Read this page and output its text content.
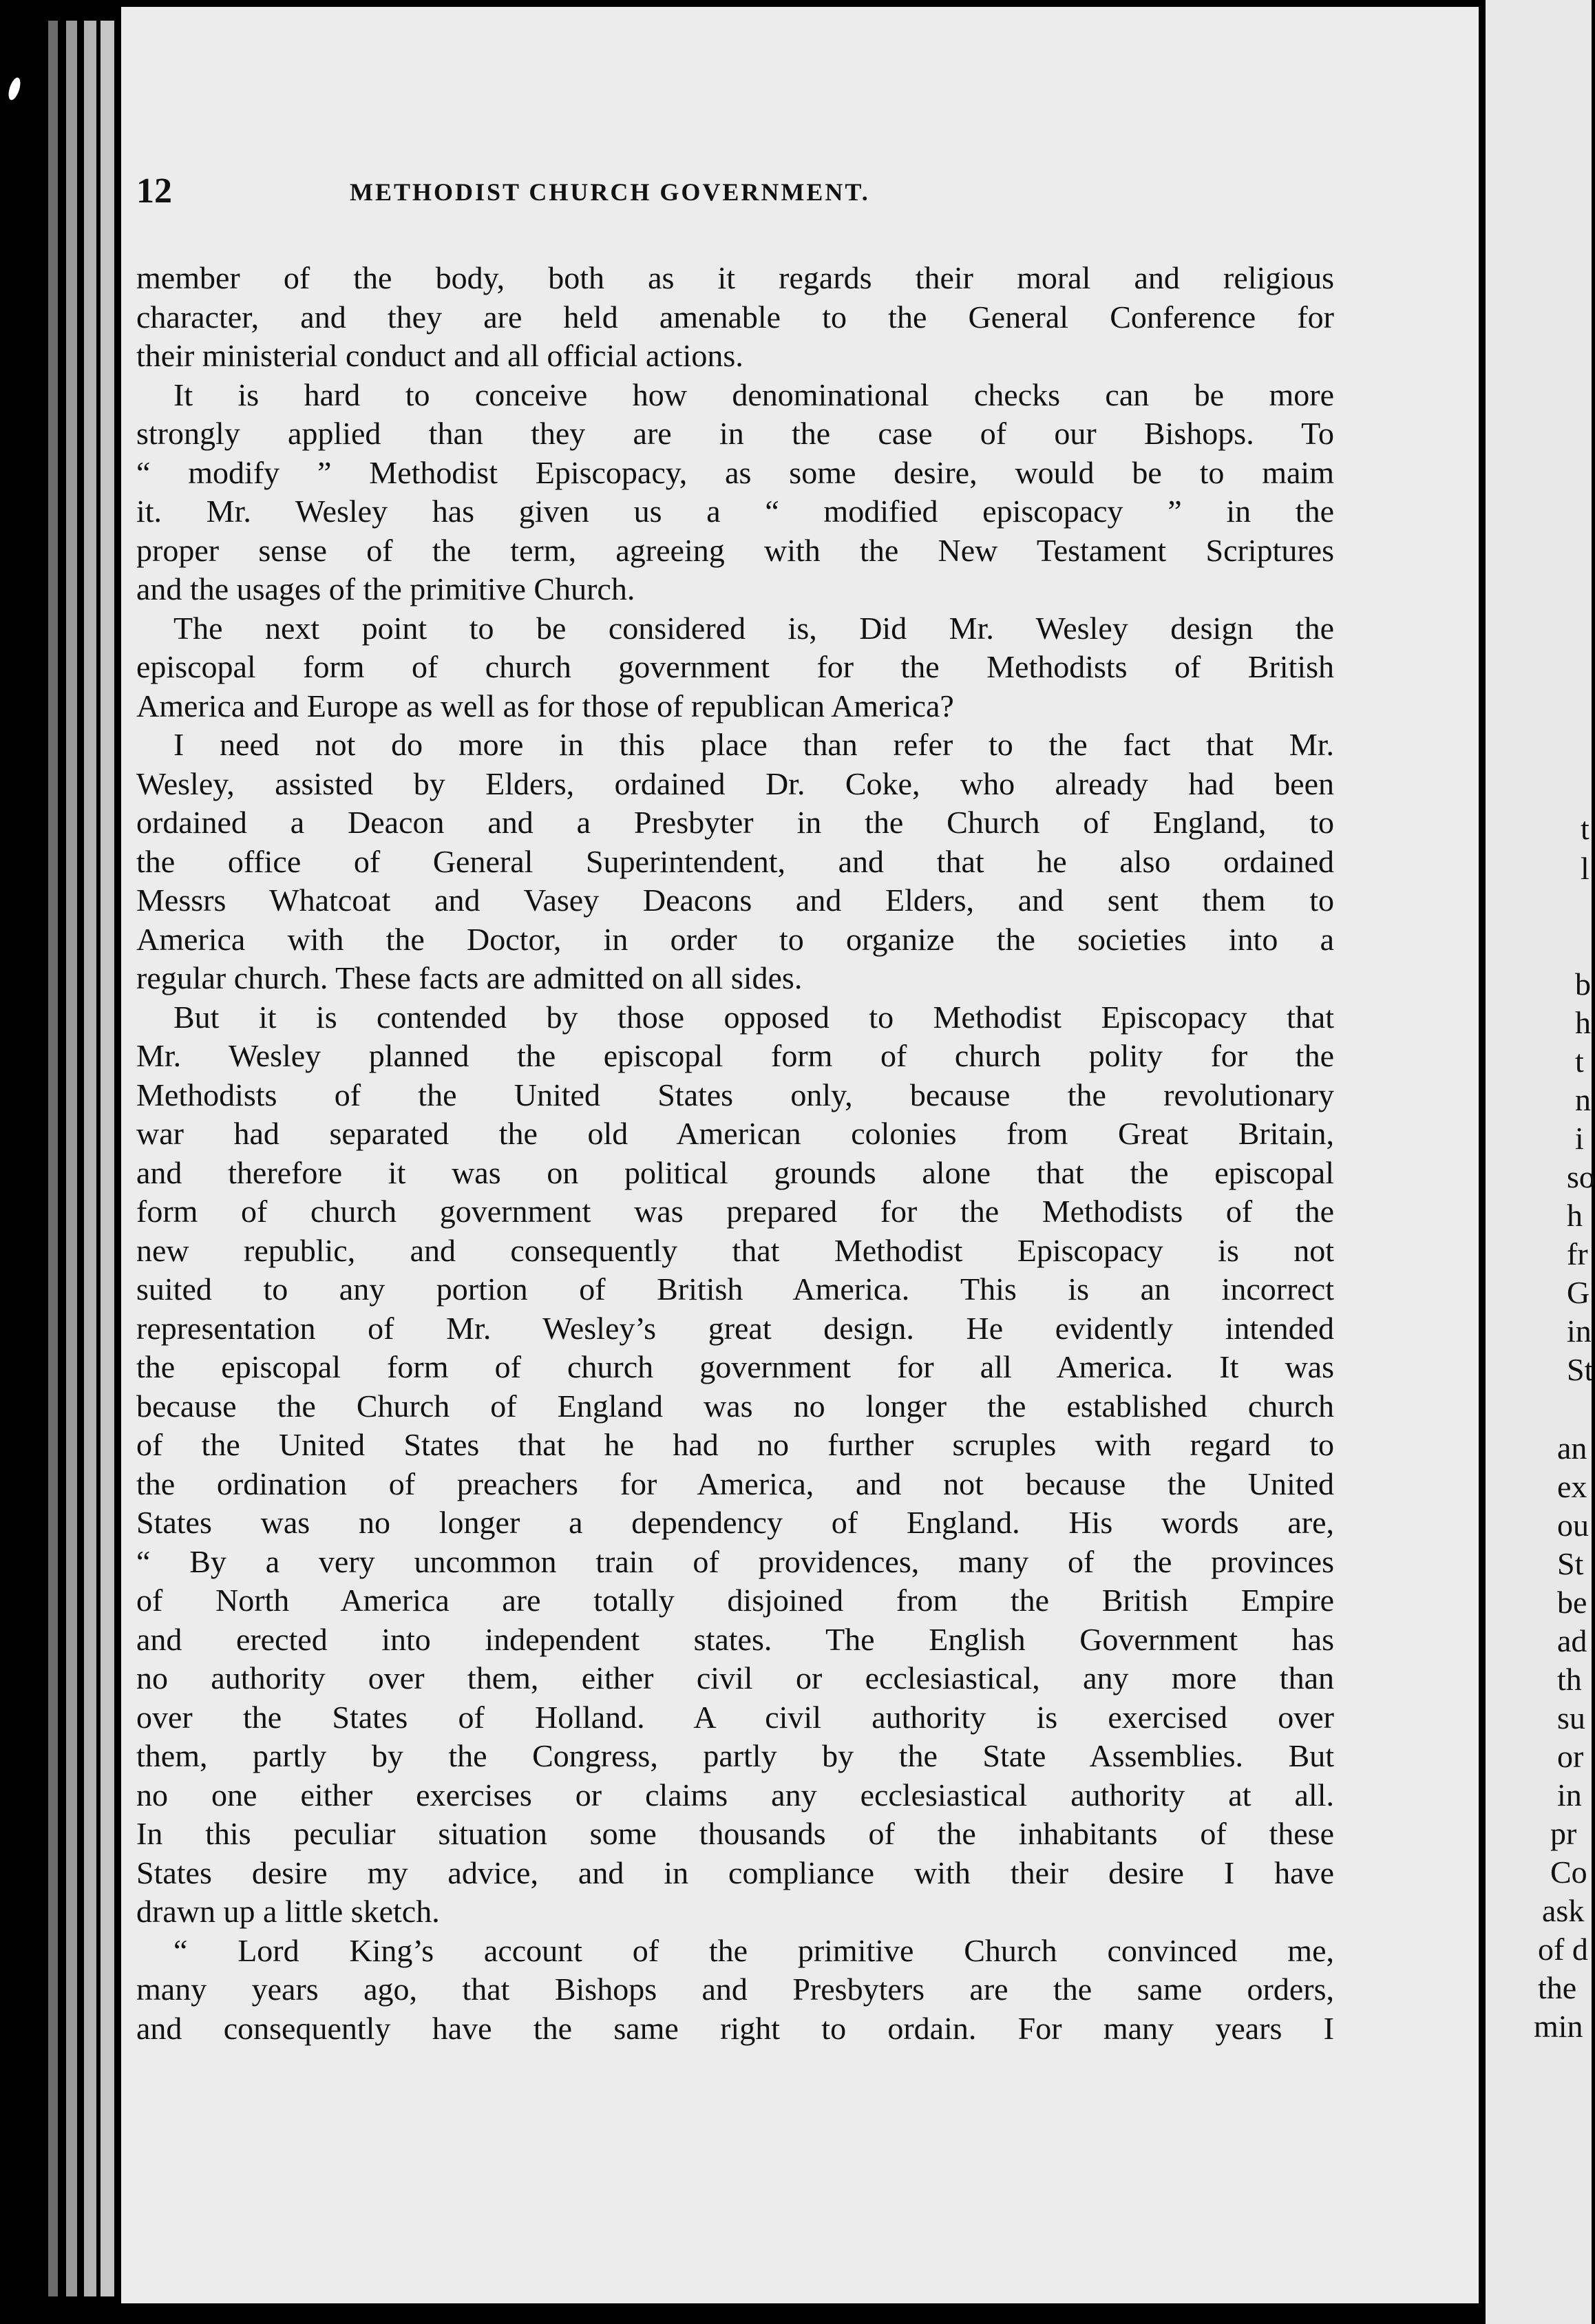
12	METHODIST CHURCH GOVERNMENT.
member of the body, both as it regards their moral and religious
character, and they are held amenable to the General Conference for
their ministerial conduct and all official actions.
It is hard to conceive how denominational checks can be more
strongly applied than they are in the case of our Bishops. To
“ modify ” Methodist Episcopacy, as some desire, would be to maim
it. Mr. Wesley has given us a “ modified episcopacy ” in the
proper sense of the term, agreeing with the New Testament Scriptures
and the usages of the primitive Church.
The next point to be considered is, Did Mr. Wesley design the
episcopal form of church government for the Methodists of British
America and Europe as well as for those of republican America?
I need not do more in this place than refer to the fact that Mr.
Wesley, assisted by Elders, ordained Dr. Coke, who already had been
ordained a Deacon and a Presbyter in the Church of England, to
the office of General Superintendent, and that he also ordained
Messrs Whatcoat and Vasey Deacons and Elders, and sent them to
America with the Doctor, in order to organize the societies into a
regular church. These facts are admitted on all sides.
But it is contended by those opposed to Methodist Episcopacy that
Mr. Wesley planned the episcopal form of church polity for the
Methodists of the United States only, because the revolutionary
war had separated the old American colonies from Great Britain,
and therefore it was on political grounds alone that the episcopal
form of church government was prepared for the Methodists of the
new republic, and consequently that Methodist Episcopacy is not
suited to any portion of British America. This is an incorrect
representation of Mr. Wesley’s great design. He evidently intended
the episcopal form of church government for all America. It was
because the Church of England was no longer the established church
of the United States that he had no further scruples with regard to
the ordination of preachers for America, and not because the United
States was no longer a dependency of England. His words are,
“ By a very uncommon train of providences, many of the provinces
of North America are totally disjoined from the British Empire
and erected into independent states. The English Government has
no authority over them, either civil or ecclesiastical, any more than
over the States of Holland. A civil authority is exercised over
them, partly by the Congress, partly by the State Assemblies. But
no one either exercises or claims any ecclesiastical authority at all.
In this peculiar situation some thousands of the inhabitants of these
States desire my advice, and in compliance with their desire I have
drawn up a little sketch.
“ Lord King’s account of the primitive Church convinced me,
many years ago, that Bishops and Presbyters are the same orders,
and consequently have the same right to ordain. For many years I
t
l
b
h
t
n
i
so
h
fr
G
in
St
an
ex
ou
St
be
ad
th
su
or
in
pr
Co
ask
of d
the
min
